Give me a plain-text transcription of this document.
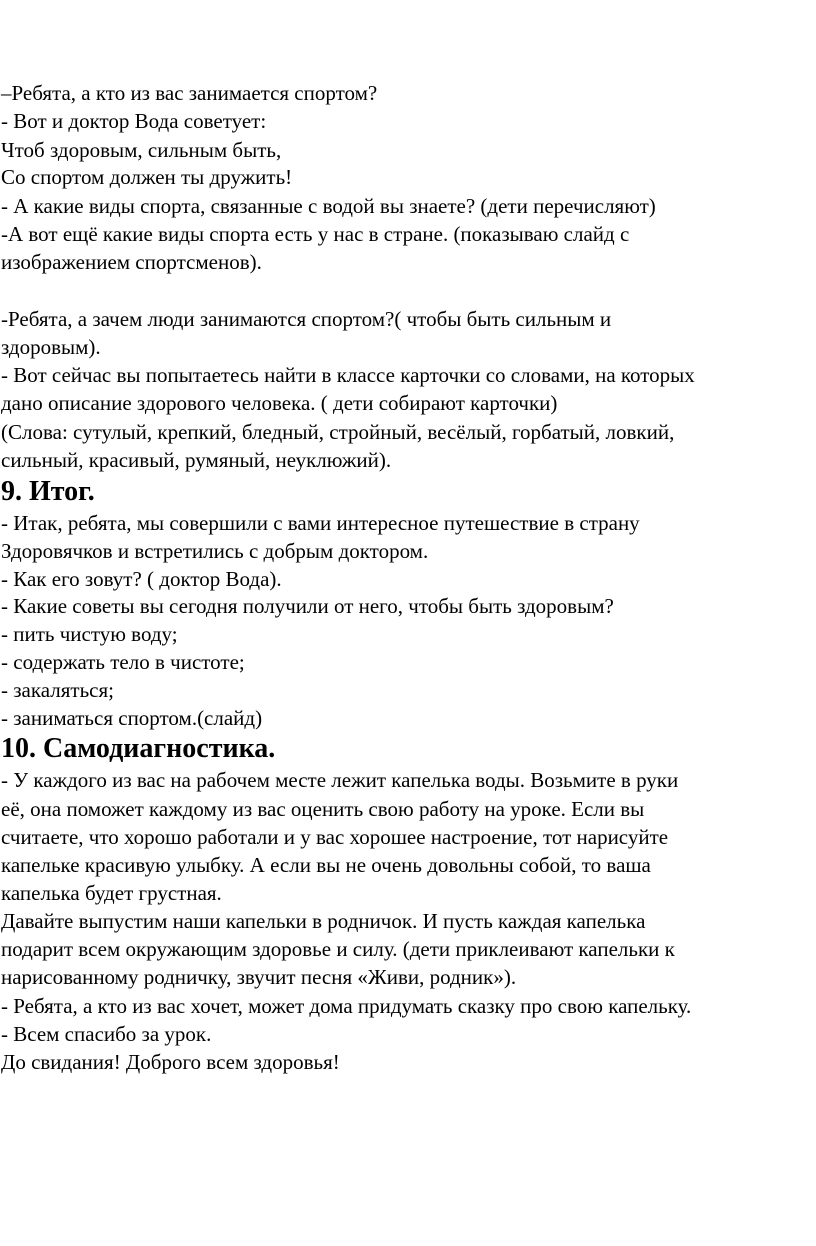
–Ребята, а кто из вас занимается спортом?
- Вот и доктор Вода советует:
Чтоб здоровым, сильным быть,
Со спортом должен ты дружить!
- А какие виды спорта, связанные с водой вы знаете? (дети перечисляют)
-А вот ещё какие виды спорта есть у нас в стране. (показываю слайд с
изображением спортсменов).
-Ребята, а зачем люди занимаются спортом?( чтобы быть сильным и
здоровым).
- Вот сейчас вы попытаетесь найти в классе карточки со словами, на которых
дано описание здорового человека. ( дети собирают карточки)
(Слова: сутулый, крепкий, бледный, стройный, весёлый, горбатый, ловкий,
сильный, красивый, румяный, неуклюжий).
9. Итог.
- Итак, ребята, мы совершили с вами интересное путешествие в страну
Здоровячков и встретились с добрым доктором.
- Как его зовут? ( доктор Вода).
- Какие советы вы сегодня получили от него, чтобы быть здоровым?
- пить чистую воду;
- содержать тело в чистоте;
- закаляться;
- заниматься спортом.(слайд)
10. Самодиагностика.
- У каждого из вас на рабочем месте лежит капелька воды. Возьмите в руки
её, она поможет каждому из вас оценить свою работу на уроке. Если вы
считаете, что хорошо работали и у вас хорошее настроение, тот нарисуйте
капельке красивую улыбку. А если вы не очень довольны собой, то ваша
капелька будет грустная.
Давайте выпустим наши капельки в родничок. И пусть каждая капелька
подарит всем окружающим здоровье и силу. (дети приклеивают капельки к
нарисованному родничку, звучит песня «Живи, родник»).
- Ребята, а кто из вас хочет, может дома придумать сказку про свою капельку.
- Всем спасибо за урок.
До свидания! Доброго всем здоровья!
